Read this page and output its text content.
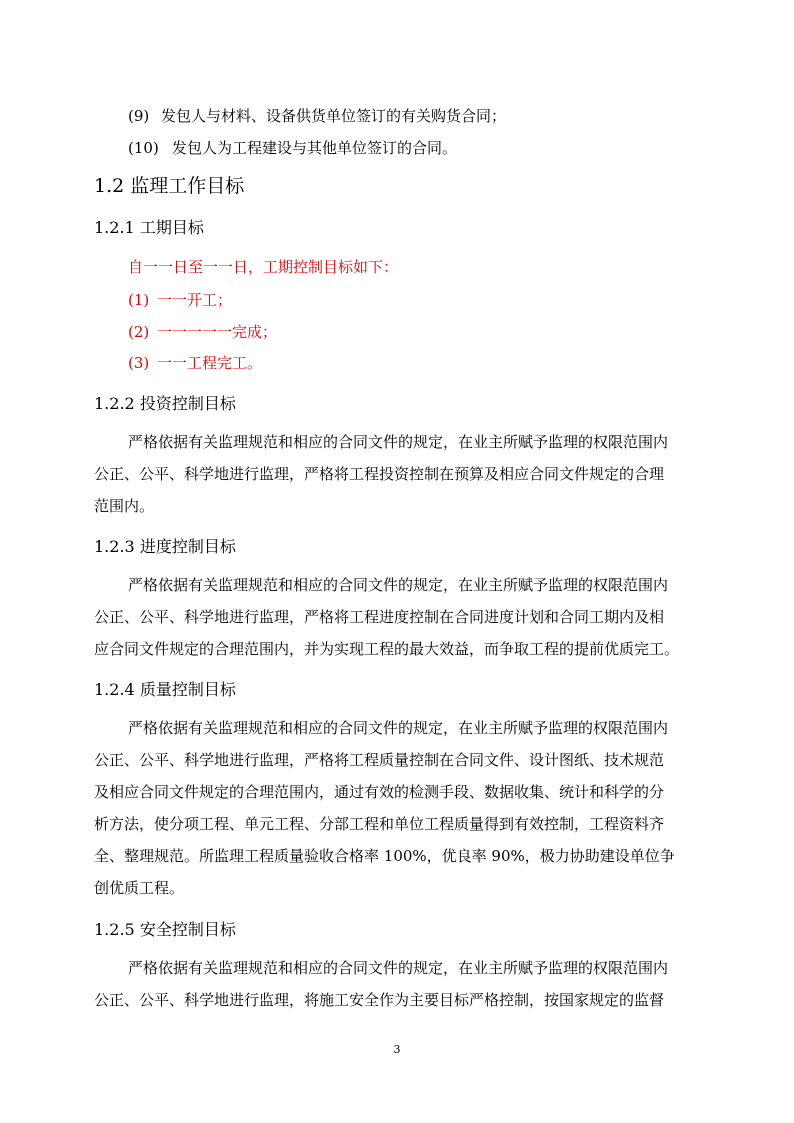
(9) 发包人与材料、设备供货单位签订的有关购货合同；
(10) 发包人为工程建设与其他单位签订的合同。
1.2 监理工作目标
1.2.1 工期目标
自一一日至一一日，工期控制目标如下：
(1) 一一开工；
(2) 一一一一一完成；
(3) 一一工程完工。
1.2.2 投资控制目标
严格依据有关监理规范和相应的合同文件的规定，在业主所赋予监理的权限范围内
公正、公平、科学地进行监理，严格将工程投资控制在预算及相应合同文件规定的合理
范围内。
1.2.3 进度控制目标
严格依据有关监理规范和相应的合同文件的规定，在业主所赋予监理的权限范围内
公正、公平、科学地进行监理，严格将工程进度控制在合同进度计划和合同工期内及相
应合同文件规定的合理范围内，并为实现工程的最大效益，而争取工程的提前优质完工。
1.2.4 质量控制目标
严格依据有关监理规范和相应的合同文件的规定，在业主所赋予监理的权限范围内
公正、公平、科学地进行监理，严格将工程质量控制在合同文件、设计图纸、技术规范
及相应合同文件规定的合理范围内，通过有效的检测手段、数据收集、统计和科学的分
析方法，使分项工程、单元工程、分部工程和单位工程质量得到有效控制，工程资料齐
全、整理规范。所监理工程质量验收合格率 100%，优良率 90%，极力协助建设单位争
创优质工程。
1.2.5 安全控制目标
严格依据有关监理规范和相应的合同文件的规定，在业主所赋予监理的权限范围内
公正、公平、科学地进行监理，将施工安全作为主要目标严格控制，按国家规定的监督
3
